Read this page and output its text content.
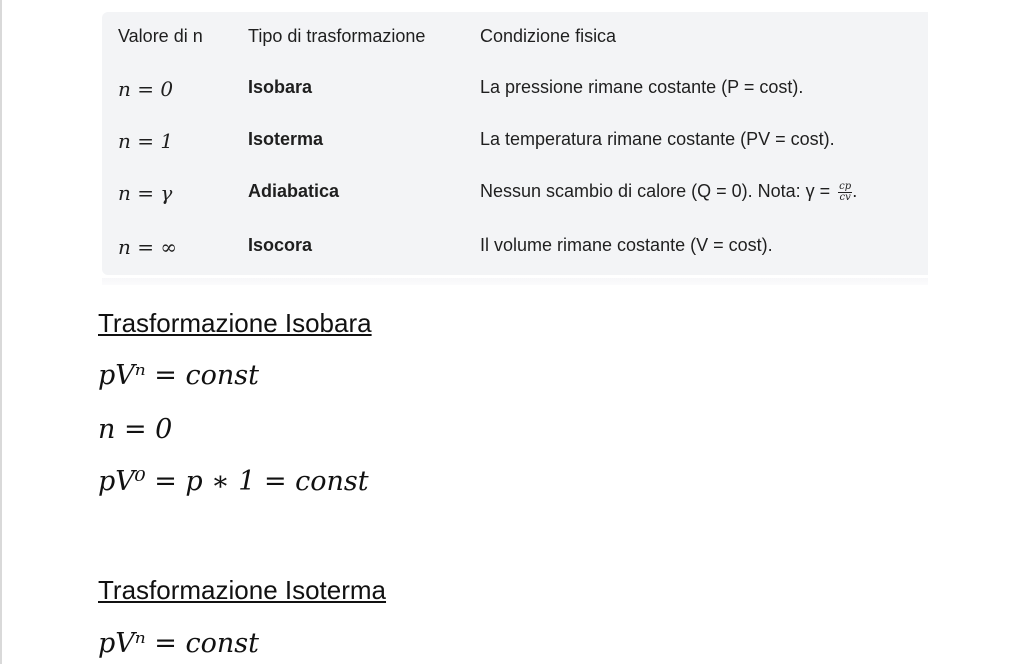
Valore di n	Tipo di trasformazione	Condizione fisica
n = 0	Isobara	La pressione rimane costante (P = cost).
n = 1	Isoterma	La temperatura rimane costante (PV = cost).
n = γ	Adiabatica	Nessun scambio di calore (Q = 0). Nota: $\gamma = \frac{cp}{cv}$ .
n = ∞	Isocora	Il volume rimane costante (V = cost).
Trasformazione Isobara
pVⁿ = const
n = 0
pV⁰ = p ∗ 1 = const
Trasformazione Isoterma
pVⁿ = const
